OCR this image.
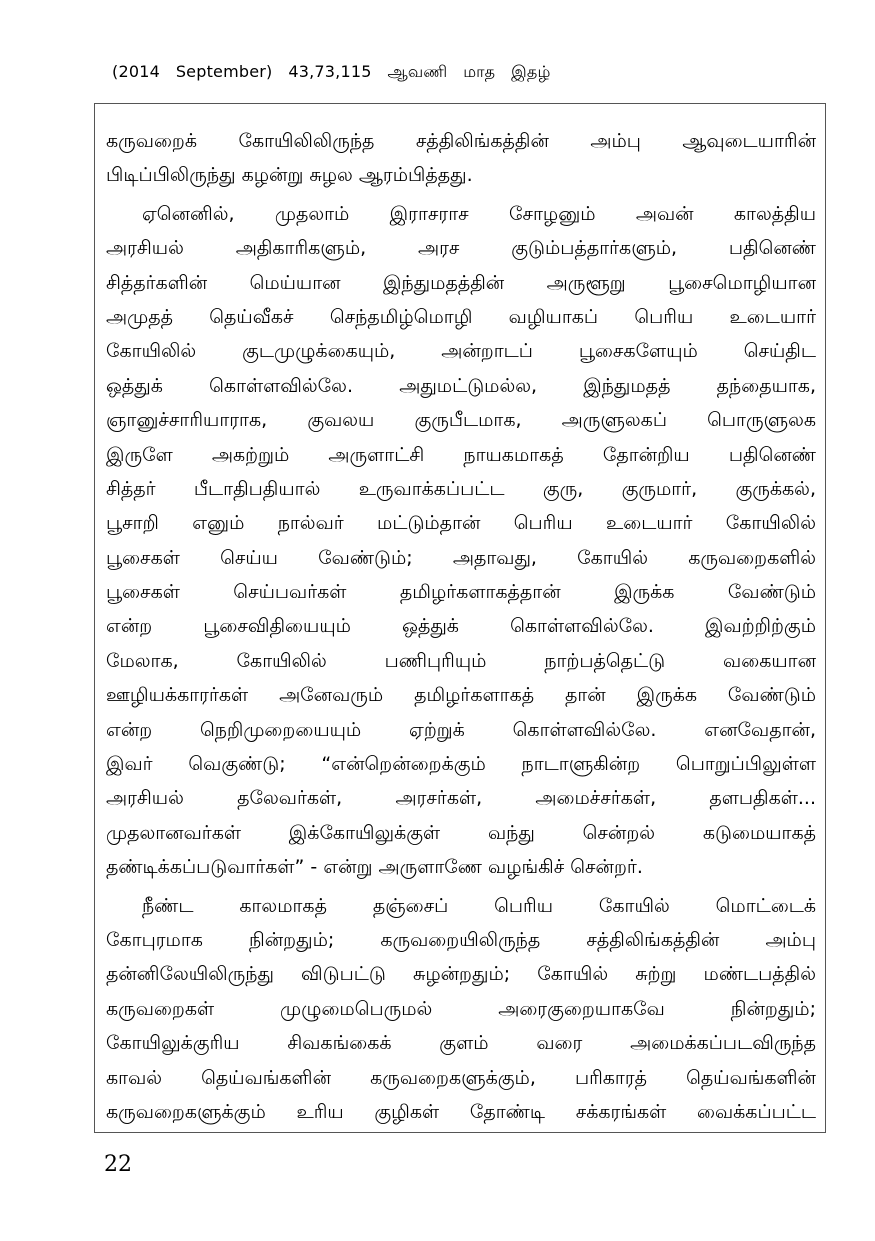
(2014   September)   43,73,115   ஆவணி   மாத   இதழ்
கருவறைக் கோயிலிலிருந்த சத்திலிங்கத்தின் அம்பு ஆவுடையாரின்
பிடிப்பிலிருந்து கழன்று சுழல ஆரம்பித்தது.
ஏனெனில், முதலாம் இராசராச சோழனும் அவன் காலத்திய
அரசியல் அதிகாரிகளும், அரச குடும்பத்தார்களும், பதினெண்
சித்தர்களின் மெய்யான இந்துமதத்தின் அருளூறு பூசைமொழியான
அமுதத் தெய்வீகச் செந்தமிழ்மொழி வழியாகப் பெரிய உடையார்
கோயிலில் குடமுழுக்கையும், அன்றாடப் பூசைகளேயும் செய்திட
ஒத்துக் கொள்ளவில்லே. அதுமட்டுமல்ல, இந்துமதத் தந்தையாக,
ஞானுச்சாரியாராக, குவலய குருபீடமாக, அருளுலகப் பொருளுலக
இருளே அகற்றும் அருளாட்சி நாயகமாகத் தோன்றிய பதினெண்
சித்தர் பீடாதிபதியால் உருவாக்கப்பட்ட குரு, குருமார், குருக்கல்,
பூசாறி எனும் நால்வர் மட்டும்தான் பெரிய உடையார் கோயிலில்
பூசைகள் செய்ய வேண்டும்; அதாவது, கோயில் கருவறைகளில்
பூசைகள் செய்பவர்கள் தமிழர்களாகத்தான் இருக்க வேண்டும்
என்ற பூசைவிதியையும் ஒத்துக் கொள்ளவில்லே. இவற்றிற்கும்
மேலாக, கோயிலில் பணிபுரியும் நாற்பத்தெட்டு வகையான
ஊழியக்காரர்கள் அனேவரும் தமிழர்களாகத் தான் இருக்க வேண்டும்
என்ற நெறிமுறையையும் ஏற்றுக் கொள்ளவில்லே. எனவேதான்,
இவர் வெகுண்டு; “என்றென்றைக்கும் நாடாளுகின்ற பொறுப்பிலுள்ள
அரசியல் தலேவர்கள், அரசர்கள், அமைச்சர்கள், தளபதிகள்...
முதலானவர்கள் இக்கோயிலுக்குள் வந்து சென்றல் கடுமையாகத்
தண்டிக்கப்படுவார்கள்” - என்று அருளாணே வழங்கிச் சென்றர்.
நீண்ட காலமாகத் தஞ்சைப் பெரிய கோயில் மொட்டைக்
கோபுரமாக நின்றதும்; கருவறையிலிருந்த சத்திலிங்கத்தின் அம்பு
தன்னிலேயிலிருந்து விடுபட்டு சுழன்றதும்; கோயில் சுற்று மண்டபத்தில்
கருவறைகள் முழுமைபெருமல் அரைகுறையாகவே நின்றதும்;
கோயிலுக்குரிய சிவகங்கைக் குளம் வரை அமைக்கப்படவிருந்த
காவல் தெய்வங்களின் கருவறைகளுக்கும், பரிகாரத் தெய்வங்களின்
கருவறைகளுக்கும் உரிய குழிகள் தோண்டி சக்கரங்கள் வைக்கப்பட்ட
22
